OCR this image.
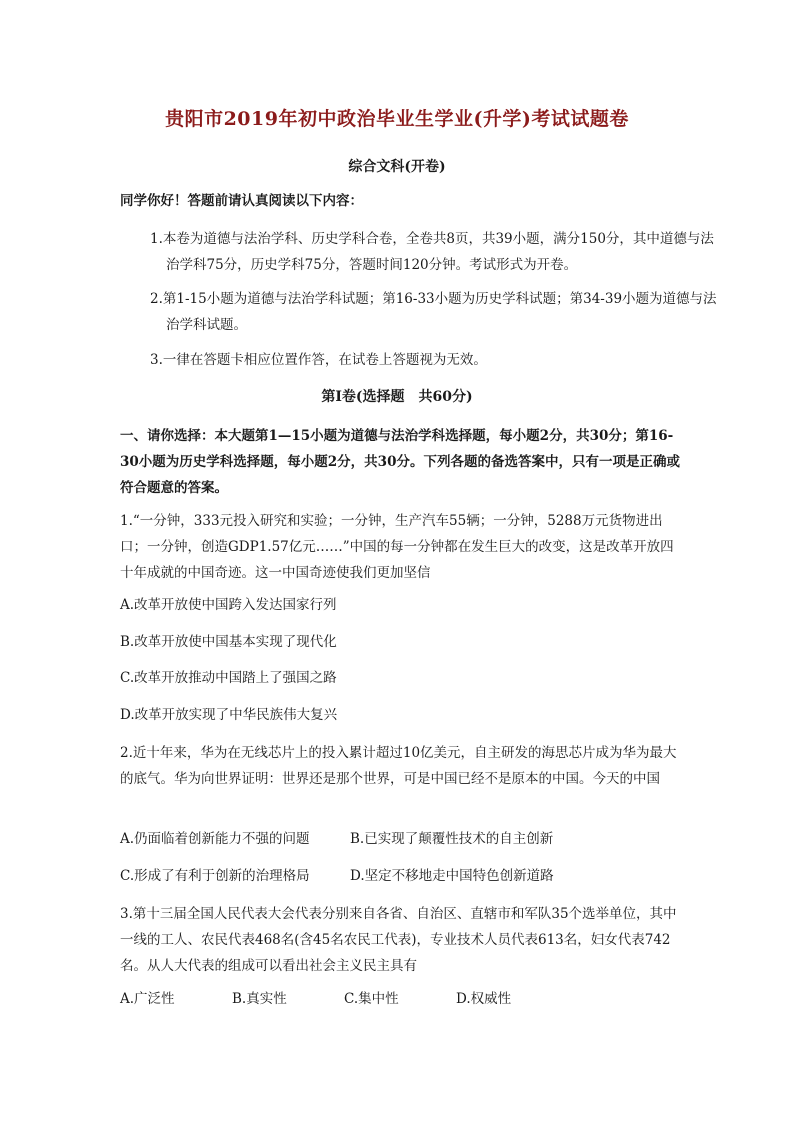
贵阳市2019年初中政治毕业生学业(升学)考试试题卷
综合文科(开卷)
同学你好！答题前请认真阅读以下内容：
1.本卷为道德与法治学科、历史学科合卷，全卷共8页，共39小题，满分150分，其中道德与法治学科75分，历史学科75分，答题时间120分钟。考试形式为开卷。
2.第1-15小题为道德与法治学科试题；第16-33小题为历史学科试题；第34-39小题为道德与法治学科试题。
3.一律在答题卡相应位置作答，在试卷上答题视为无效。
第Ⅰ卷(选择题　共60分)
一、请你选择：本大题第1—15小题为道德与法治学科选择题，每小题2分，共30分；第16-30小题为历史学科选择题，每小题2分，共30分。下列各题的备选答案中，只有一项是正确或符合题意的答案。
1.“一分钟，333元投入研究和实验；一分钟，生产汽车55辆；一分钟，5288万元货物进出口；一分钟，创造GDP1.57亿元……”中国的每一分钟都在发生巨大的改变，这是改革开放四十年成就的中国奇迹。这一中国奇迹使我们更加坚信
A.改革开放使中国跨入发达国家行列
B.改革开放使中国基本实现了现代化
C.改革开放推动中国踏上了强国之路
D.改革开放实现了中华民族伟大复兴
2.近十年来，华为在无线芯片上的投入累计超过10亿美元，自主研发的海思芯片成为华为最大的底气。华为向世界证明：世界还是那个世界，可是中国已经不是原本的中国。今天的中国
A.仍面临着创新能力不强的问题	B.已实现了颠覆性技术的自主创新
C.形成了有利于创新的治理格局	D.坚定不移地走中国特色创新道路
3.第十三届全国人民代表大会代表分别来自各省、自治区、直辖市和军队35个选举单位，其中一线的工人、农民代表468名(含45名农民工代表)，专业技术人员代表613名，妇女代表742名。从人大代表的组成可以看出社会主义民主具有
A.广泛性	B.真实性	C.集中性	D.权威性
